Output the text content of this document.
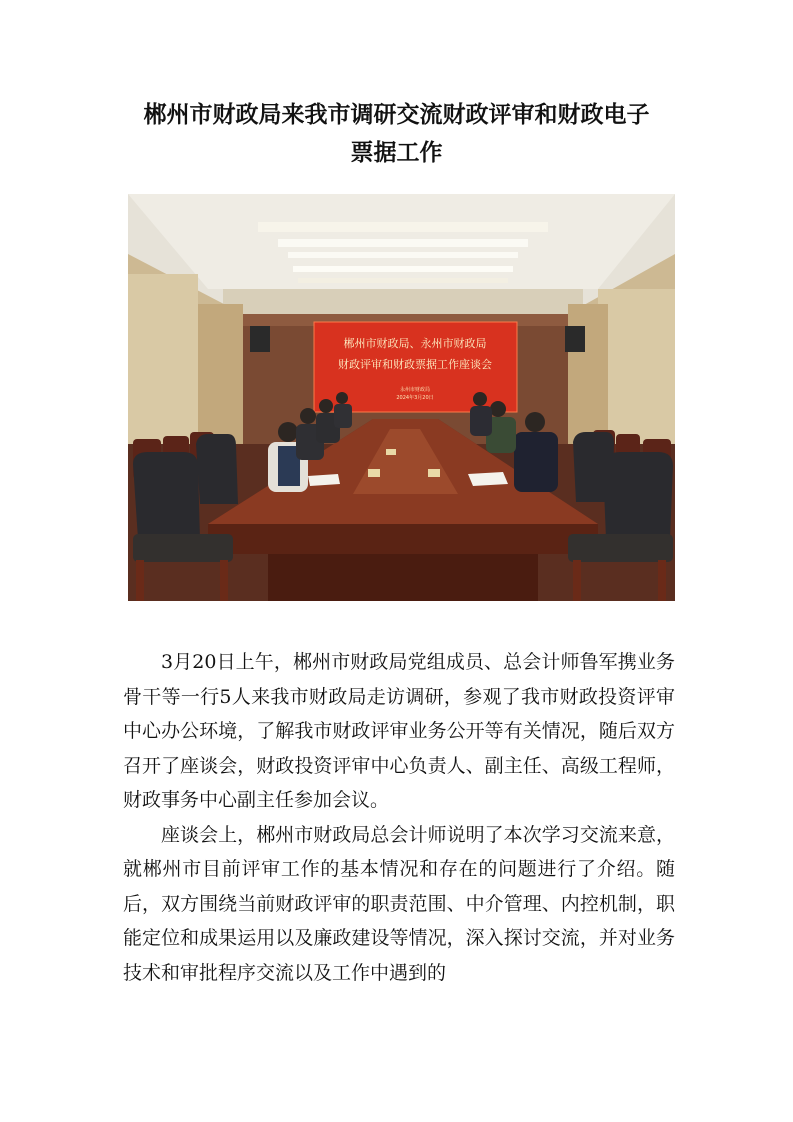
郴州市财政局来我市调研交流财政评审和财政电子
票据工作
郴州市财政局、永州市财政局
财政评审和财政票据工作座谈会
永州市财政局
2024年3月20日

3月20日上午，郴州市财政局党组成员、总会计师鲁军携业务骨干等一行5人来我市财政局走访调研，参观了我市财政投资评审中心办公环境，了解我市财政评审业务公开等有关情况，随后双方召开了座谈会，财政投资评审中心负责人、副主任、高级工程师，财政事务中心副主任参加会议。

座谈会上，郴州市财政局总会计师说明了本次学习交流来意，就郴州市目前评审工作的基本情况和存在的问题进行了介绍。随后，双方围绕当前财政评审的职责范围、中介管理、内控机制，职能定位和成果运用以及廉政建设等情况，深入探讨交流，并对业务技术和审批程序交流以及工作中遇到的
